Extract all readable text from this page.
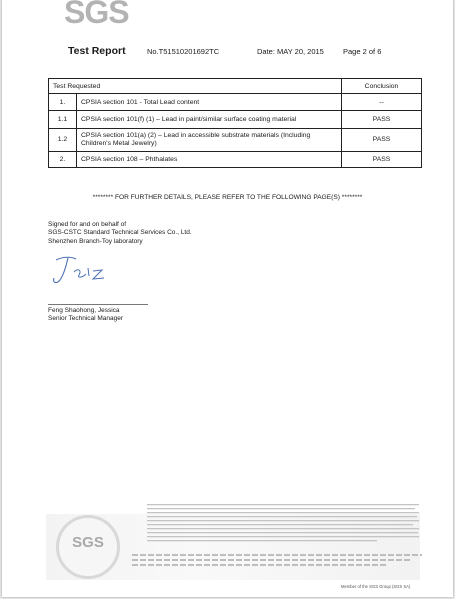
SGS
Test Report	No.T51510201692TC	Date: MAY 20, 2015	Page 2 of 6
Test Requested		Conclusion
1.	CPSIA section 101 - Total Lead content	--
1.1	CPSIA section 101(f) (1) – Lead in paint/similar surface coating material	PASS
1.2	CPSIA section 101(a) (2) – Lead in accessible substrate materials (Including Children's Metal Jewelry)	PASS
2.	CPSIA section 108 – Phthalates	PASS
******** FOR FURTHER DETAILS, PLEASE REFER TO THE FOLLOWING PAGE(S) ********
Signed for and on behalf of
SGS-CSTC Standard Technical Services Co., Ltd.
Shenzhen Branch-Toy laboratory
Feng Shaohong, Jessica
Senior Technical Manager
SGS
Member of the SGS Group (SGS SA)
